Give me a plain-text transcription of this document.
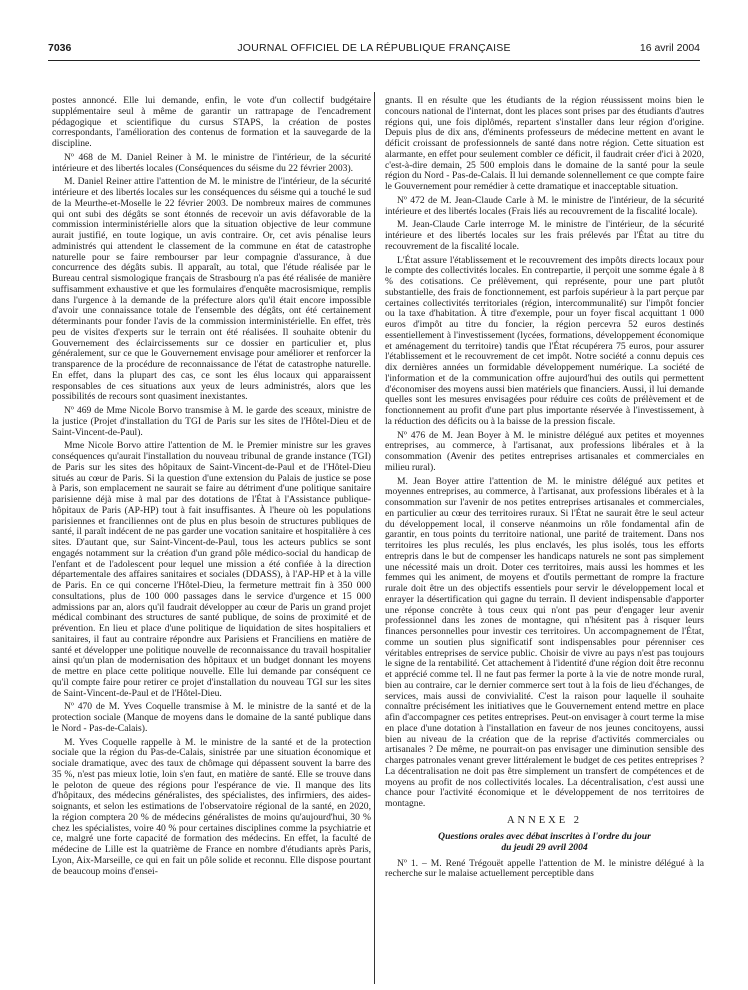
7036	JOURNAL OFFICIEL DE LA RÉPUBLIQUE FRANÇAISE	16 avril 2004

postes annoncé. Elle lui demande, enfin, le vote d'un collectif budgétaire supplémentaire seul à même de garantir un rattrapage de l'encadrement pédagogique et scientifique du cursus STAPS, la création de postes correspondants, l'amélioration des contenus de formation et la sauvegarde de la discipline.

Nº 468 de M. Daniel Reiner à M. le ministre de l'intérieur, de la sécurité intérieure et des libertés locales (Conséquences du séisme du 22 février 2003).

M. Daniel Reiner attire l'attention de M. le ministre de l'intérieur, de la sécurité intérieure et des libertés locales sur les conséquences du séisme qui a touché le sud de la Meurthe-et-Moselle le 22 février 2003. De nombreux maires de communes qui ont subi des dégâts se sont étonnés de recevoir un avis défavorable de la commission interministérielle alors que la situation objective de leur commune aurait justifié, en toute logique, un avis contraire. Or, cet avis pénalise leurs administrés qui attendent le classement de la commune en état de catastrophe naturelle pour se faire rembourser par leur compagnie d'assurance, à due concurrence des dégâts subis. Il apparaît, au total, que l'étude réalisée par le Bureau central sismologique français de Strasbourg n'a pas été réalisée de manière suffisamment exhaustive et que les formulaires d'enquête macrosismique, remplis dans l'urgence à la demande de la préfecture alors qu'il était encore impossible d'avoir une connaissance totale de l'ensemble des dégâts, ont été certainement déterminants pour fonder l'avis de la commission interministérielle. En effet, très peu de visites d'experts sur le terrain ont été réalisées. Il souhaite obtenir du Gouvernement des éclaircissements sur ce dossier en particulier et, plus généralement, sur ce que le Gouvernement envisage pour améliorer et renforcer la transparence de la procédure de reconnaissance de l'état de catastrophe naturelle. En effet, dans la plupart des cas, ce sont les élus locaux qui apparaissent responsables de ces situations aux yeux de leurs administrés, alors que les possibilités de recours sont quasiment inexistantes.

Nº 469 de Mme Nicole Borvo transmise à M. le garde des sceaux, ministre de la justice (Projet d'installation du TGI de Paris sur les sites de l'Hôtel-Dieu et de Saint-Vincent-de-Paul).

Mme Nicole Borvo attire l'attention de M. le Premier ministre sur les graves conséquences qu'aurait l'installation du nouveau tribunal de grande instance (TGI) de Paris sur les sites des hôpitaux de Saint-Vincent-de-Paul et de l'Hôtel-Dieu situés au cœur de Paris. Si la question d'une extension du Palais de justice se pose à Paris, son emplacement ne saurait se faire au détriment d'une politique sanitaire parisienne déjà mise à mal par des dotations de l'État à l'Assistance publique-hôpitaux de Paris (AP-HP) tout à fait insuffisantes. À l'heure où les populations parisiennes et franciliennes ont de plus en plus besoin de structures publiques de santé, il paraît indécent de ne pas garder une vocation sanitaire et hospitalière à ces sites. D'autant que, sur Saint-Vincent-de-Paul, tous les acteurs publics se sont engagés notamment sur la création d'un grand pôle médico-social du handicap de l'enfant et de l'adolescent pour lequel une mission a été confiée à la direction départementale des affaires sanitaires et sociales (DDASS), à l'AP-HP et à la ville de Paris. En ce qui concerne l'Hôtel-Dieu, la fermeture mettrait fin à 350 000 consultations, plus de 100 000 passages dans le service d'urgence et 15 000 admissions par an, alors qu'il faudrait développer au cœur de Paris un grand projet médical combinant des structures de santé publique, de soins de proximité et de prévention. En lieu et place d'une politique de liquidation de sites hospitaliers et sanitaires, il faut au contraire répondre aux Parisiens et Franciliens en matière de santé et développer une politique nouvelle de reconnaissance du travail hospitalier ainsi qu'un plan de modernisation des hôpitaux et un budget donnant les moyens de mettre en place cette politique nouvelle. Elle lui demande par conséquent ce qu'il compte faire pour retirer ce projet d'installation du nouveau TGI sur les sites de Saint-Vincent-de-Paul et de l'Hôtel-Dieu.

Nº 470 de M. Yves Coquelle transmise à M. le ministre de la santé et de la protection sociale (Manque de moyens dans le domaine de la santé publique dans le Nord - Pas-de-Calais).

M. Yves Coquelle rappelle à M. le ministre de la santé et de la protection sociale que la région du Pas-de-Calais, sinistrée par une situation économique et sociale dramatique, avec des taux de chômage qui dépassent souvent la barre des 35 %, n'est pas mieux lotie, loin s'en faut, en matière de santé. Elle se trouve dans le peloton de queue des régions pour l'espérance de vie. Il manque des lits d'hôpitaux, des médecins généralistes, des spécialistes, des infirmiers, des aides-soignants, et selon les estimations de l'observatoire régional de la santé, en 2020, la région comptera 20 % de médecins généralistes de moins qu'aujourd'hui, 30 % chez les spécialistes, voire 40 % pour certaines disciplines comme la psychiatrie et ce, malgré une forte capacité de formation des médecins. En effet, la faculté de médecine de Lille est la quatrième de France en nombre d'étudiants après Paris, Lyon, Aix-Marseille, ce qui en fait un pôle solide et reconnu. Elle dispose pourtant de beaucoup moins d'ensei-

gnants. Il en résulte que les étudiants de la région réussissent moins bien le concours national de l'internat, dont les places sont prises par des étudiants d'autres régions qui, une fois diplômés, repartent s'installer dans leur région d'origine. Depuis plus de dix ans, d'éminents professeurs de médecine mettent en avant le déficit croissant de professionnels de santé dans notre région. Cette situation est alarmante, en effet pour seulement combler ce déficit, il faudrait créer d'ici à 2020, c'est-à-dire demain, 25 500 emplois dans le domaine de la santé pour la seule région du Nord - Pas-de-Calais. Il lui demande solennellement ce que compte faire le Gouvernement pour remédier à cette dramatique et inacceptable situation.

Nº 472 de M. Jean-Claude Carle à M. le ministre de l'intérieur, de la sécurité intérieure et des libertés locales (Frais liés au recouvrement de la fiscalité locale).

M. Jean-Claude Carle interroge M. le ministre de l'intérieur, de la sécurité intérieure et des libertés locales sur les frais prélevés par l'État au titre du recouvrement de la fiscalité locale.

L'État assure l'établissement et le recouvrement des impôts directs locaux pour le compte des collectivités locales. En contrepartie, il perçoit une somme égale à 8 % des cotisations. Ce prélèvement, qui représente, pour une part plutôt substantielle, des frais de fonctionnement, est parfois supérieur à la part perçue par certaines collectivités territoriales (région, intercommunalité) sur l'impôt foncier ou la taxe d'habitation. À titre d'exemple, pour un foyer fiscal acquittant 1 000 euros d'impôt au titre du foncier, la région percevra 52 euros destinés essentiellement à l'investissement (lycées, formations, développement économique et aménagement du territoire) tandis que l'État récupérera 75 euros, pour assurer l'établissement et le recouvrement de cet impôt. Notre société a connu depuis ces dix dernières années un formidable développement numérique. La société de l'information et de la communication offre aujourd'hui des outils qui permettent d'économiser des moyens aussi bien matériels que financiers. Aussi, il lui demande quelles sont les mesures envisagées pour réduire ces coûts de prélèvement et de fonctionnement au profit d'une part plus importante réservée à l'investissement, à la réduction des déficits ou à la baisse de la pression fiscale.

Nº 476 de M. Jean Boyer à M. le ministre délégué aux petites et moyennes entreprises, au commerce, à l'artisanat, aux professions libérales et à la consommation (Avenir des petites entreprises artisanales et commerciales en milieu rural).

M. Jean Boyer attire l'attention de M. le ministre délégué aux petites et moyennes entreprises, au commerce, à l'artisanat, aux professions libérales et à la consommation sur l'avenir de nos petites entreprises artisanales et commerciales, en particulier au cœur des territoires ruraux. Si l'État ne saurait être le seul acteur du développement local, il conserve néanmoins un rôle fondamental afin de garantir, en tous points du territoire national, une parité de traitement. Dans nos territoires les plus reculés, les plus enclavés, les plus isolés, tous les efforts entrepris dans le but de compenser les handicaps naturels ne sont pas simplement une nécessité mais un droit. Doter ces territoires, mais aussi les hommes et les femmes qui les animent, de moyens et d'outils permettant de rompre la fracture rurale doit être un des objectifs essentiels pour servir le développement local et enrayer la désertification qui gagne du terrain. Il devient indispensable d'apporter une réponse concrète à tous ceux qui n'ont pas peur d'engager leur avenir professionnel dans les zones de montagne, qui n'hésitent pas à risquer leurs finances personnelles pour investir ces territoires. Un accompagnement de l'État, comme un soutien plus significatif sont indispensables pour pérenniser ces véritables entreprises de service public. Choisir de vivre au pays n'est pas toujours le signe de la rentabilité. Cet attachement à l'identité d'une région doit être reconnu et apprécié comme tel. Il ne faut pas fermer la porte à la vie de notre monde rural, bien au contraire, car le dernier commerce sert tout à la fois de lieu d'échanges, de services, mais aussi de convivialité. C'est la raison pour laquelle il souhaite connaître précisément les initiatives que le Gouvernement entend mettre en place afin d'accompagner ces petites entreprises. Peut-on envisager à court terme la mise en place d'une dotation à l'installation en faveur de nos jeunes concitoyens, aussi bien au niveau de la création que de la reprise d'activités commerciales ou artisanales ? De même, ne pourrait-on pas envisager une diminution sensible des charges patronales venant grever littéralement le budget de ces petites entreprises ? La décentralisation ne doit pas être simplement un transfert de compétences et de moyens au profit de nos collectivités locales. La décentralisation, c'est aussi une chance pour l'activité économique et le développement de nos territoires de montagne.

ANNEXE 2
Questions orales avec débat inscrites à l'ordre du jour
du jeudi 29 avril 2004

Nº 1. – M. René Trégouët appelle l'attention de M. le ministre délégué à la recherche sur le malaise actuellement perceptible dans
